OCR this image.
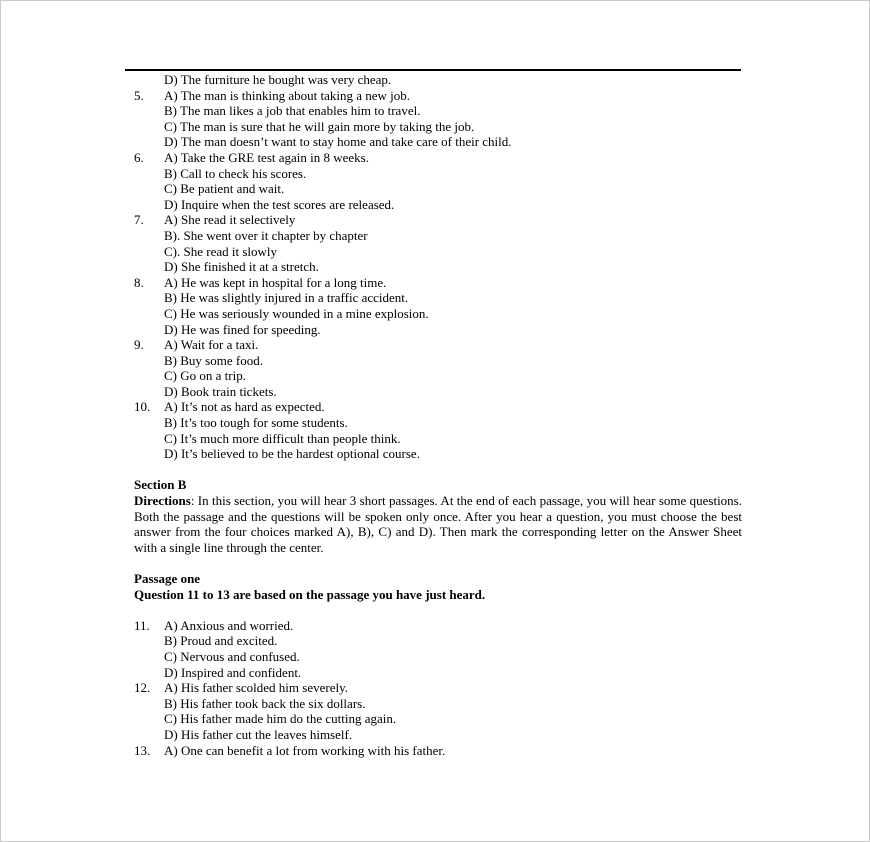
D) The furniture he bought was very cheap.
5.	A) The man is thinking about taking a new job.
B) The man likes a job that enables him to travel.
C) The man is sure that he will gain more by taking the job.
D) The man doesn’t want to stay home and take care of their child.
6.	A) Take the GRE test again in 8 weeks.
B) Call to check his scores.
C) Be patient and wait.
D) Inquire when the test scores are released.
7.	A) She read it selectively
B). She went over it chapter by chapter
C). She read it slowly
D) She finished it at a stretch.
8.	A) He was kept in hospital for a long time.
B) He was slightly injured in a traffic accident.
C) He was seriously wounded in a mine explosion.
D) He was fined for speeding.
9.	A) Wait for a taxi.
B) Buy some food.
C) Go on a trip.
D) Book train tickets.
10.	A) It’s not as hard as expected.
B) It’s too tough for some students.
C) It’s much more difficult than people think.
D) It’s believed to be the hardest optional course.
Section B

Directions: In this section, you will hear 3 short passages. At the end of each passage, you will hear some questions. Both the passage and the questions will be spoken only once. After you hear a question, you must choose the best answer from the four choices marked A), B), C) and D). Then mark the corresponding letter on the Answer Sheet with a single line through the center.

Passage one
Question 11 to 13 are based on the passage you have just heard.
11.	A) Anxious and worried.
B) Proud and excited.
C) Nervous and confused.
D) Inspired and confident.
12.	A) His father scolded him severely.
B) His father took back the six dollars.
C) His father made him do the cutting again.
D) His father cut the leaves himself.
13.	A) One can benefit a lot from working with his father.
